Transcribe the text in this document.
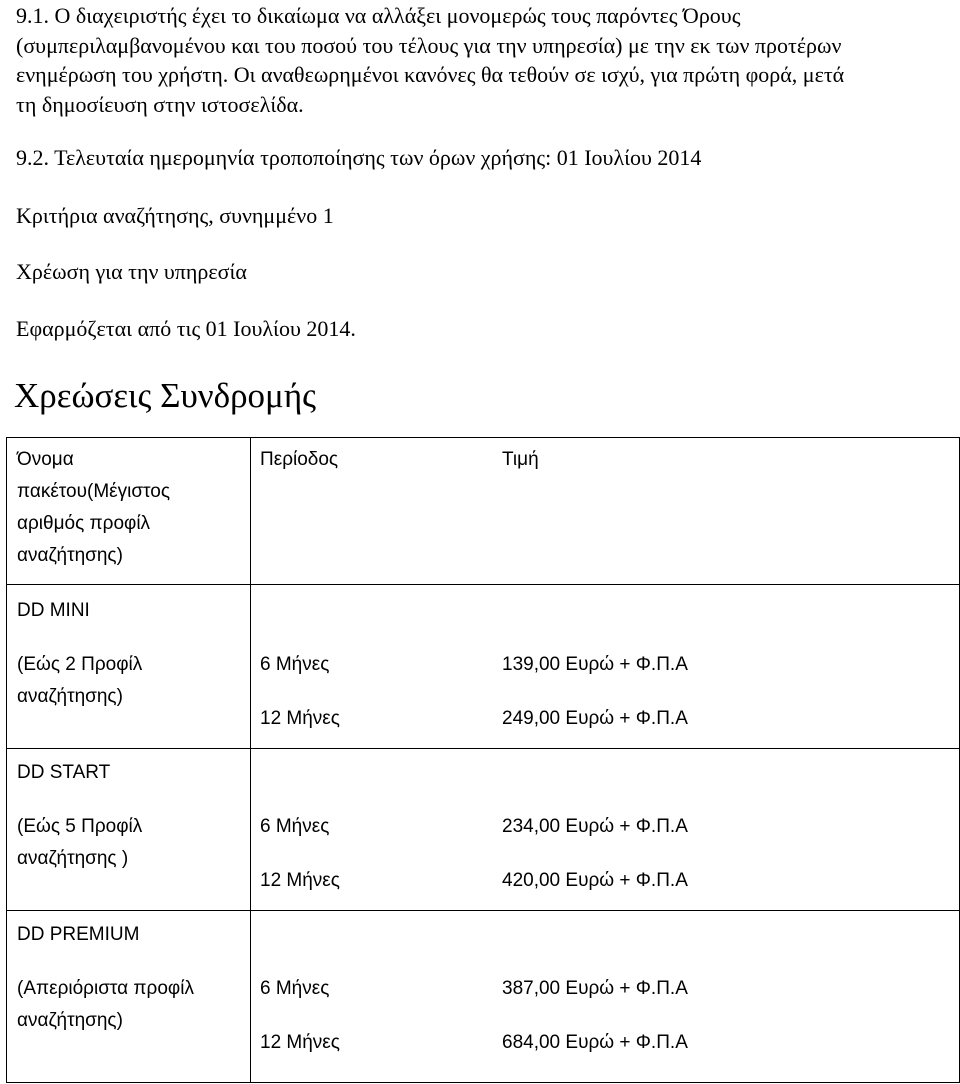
9.1. Ο διαχειριστής έχει το δικαίωμα να αλλάξει μονομερώς τους παρόντες Όρους
(συμπεριλαμβανομένου και του ποσού του τέλους για την υπηρεσία) με την εκ των προτέρων
ενημέρωση του χρήστη. Οι αναθεωρημένοι κανόνες θα τεθούν σε ισχύ, για πρώτη φορά, μετά
τη δημοσίευση στην ιστοσελίδα.
9.2. Τελευταία ημερομηνία τροποποίησης των όρων χρήσης: 01 Ιουλίου 2014
Κριτήρια αναζήτησης, συνημμένο 1
Χρέωση για την υπηρεσία
Εφαρμόζεται από τις 01 Ιουλίου 2014.
Χρεώσεις Συνδρομής
Όνομα
πακέτου(Μέγιστος
αριθμός προφίλ
αναζήτησης)
Περίοδος	Τιμή
DD MINI
(Εώς 2 Προφίλ
αναζήτησης)
6 Μήνες	139,00 Ευρώ + Φ.Π.Α
12 Μήνες	249,00 Ευρώ + Φ.Π.Α
DD START
(Εώς 5 Προφίλ
αναζήτησης )
6 Μήνες	234,00 Ευρώ + Φ.Π.Α
12 Μήνες	420,00 Ευρώ + Φ.Π.Α
DD PREMIUM
(Απεριόριστα προφίλ
αναζήτησης)
6 Μήνες	387,00 Ευρώ + Φ.Π.Α
12 Μήνες	684,00 Ευρώ + Φ.Π.Α
